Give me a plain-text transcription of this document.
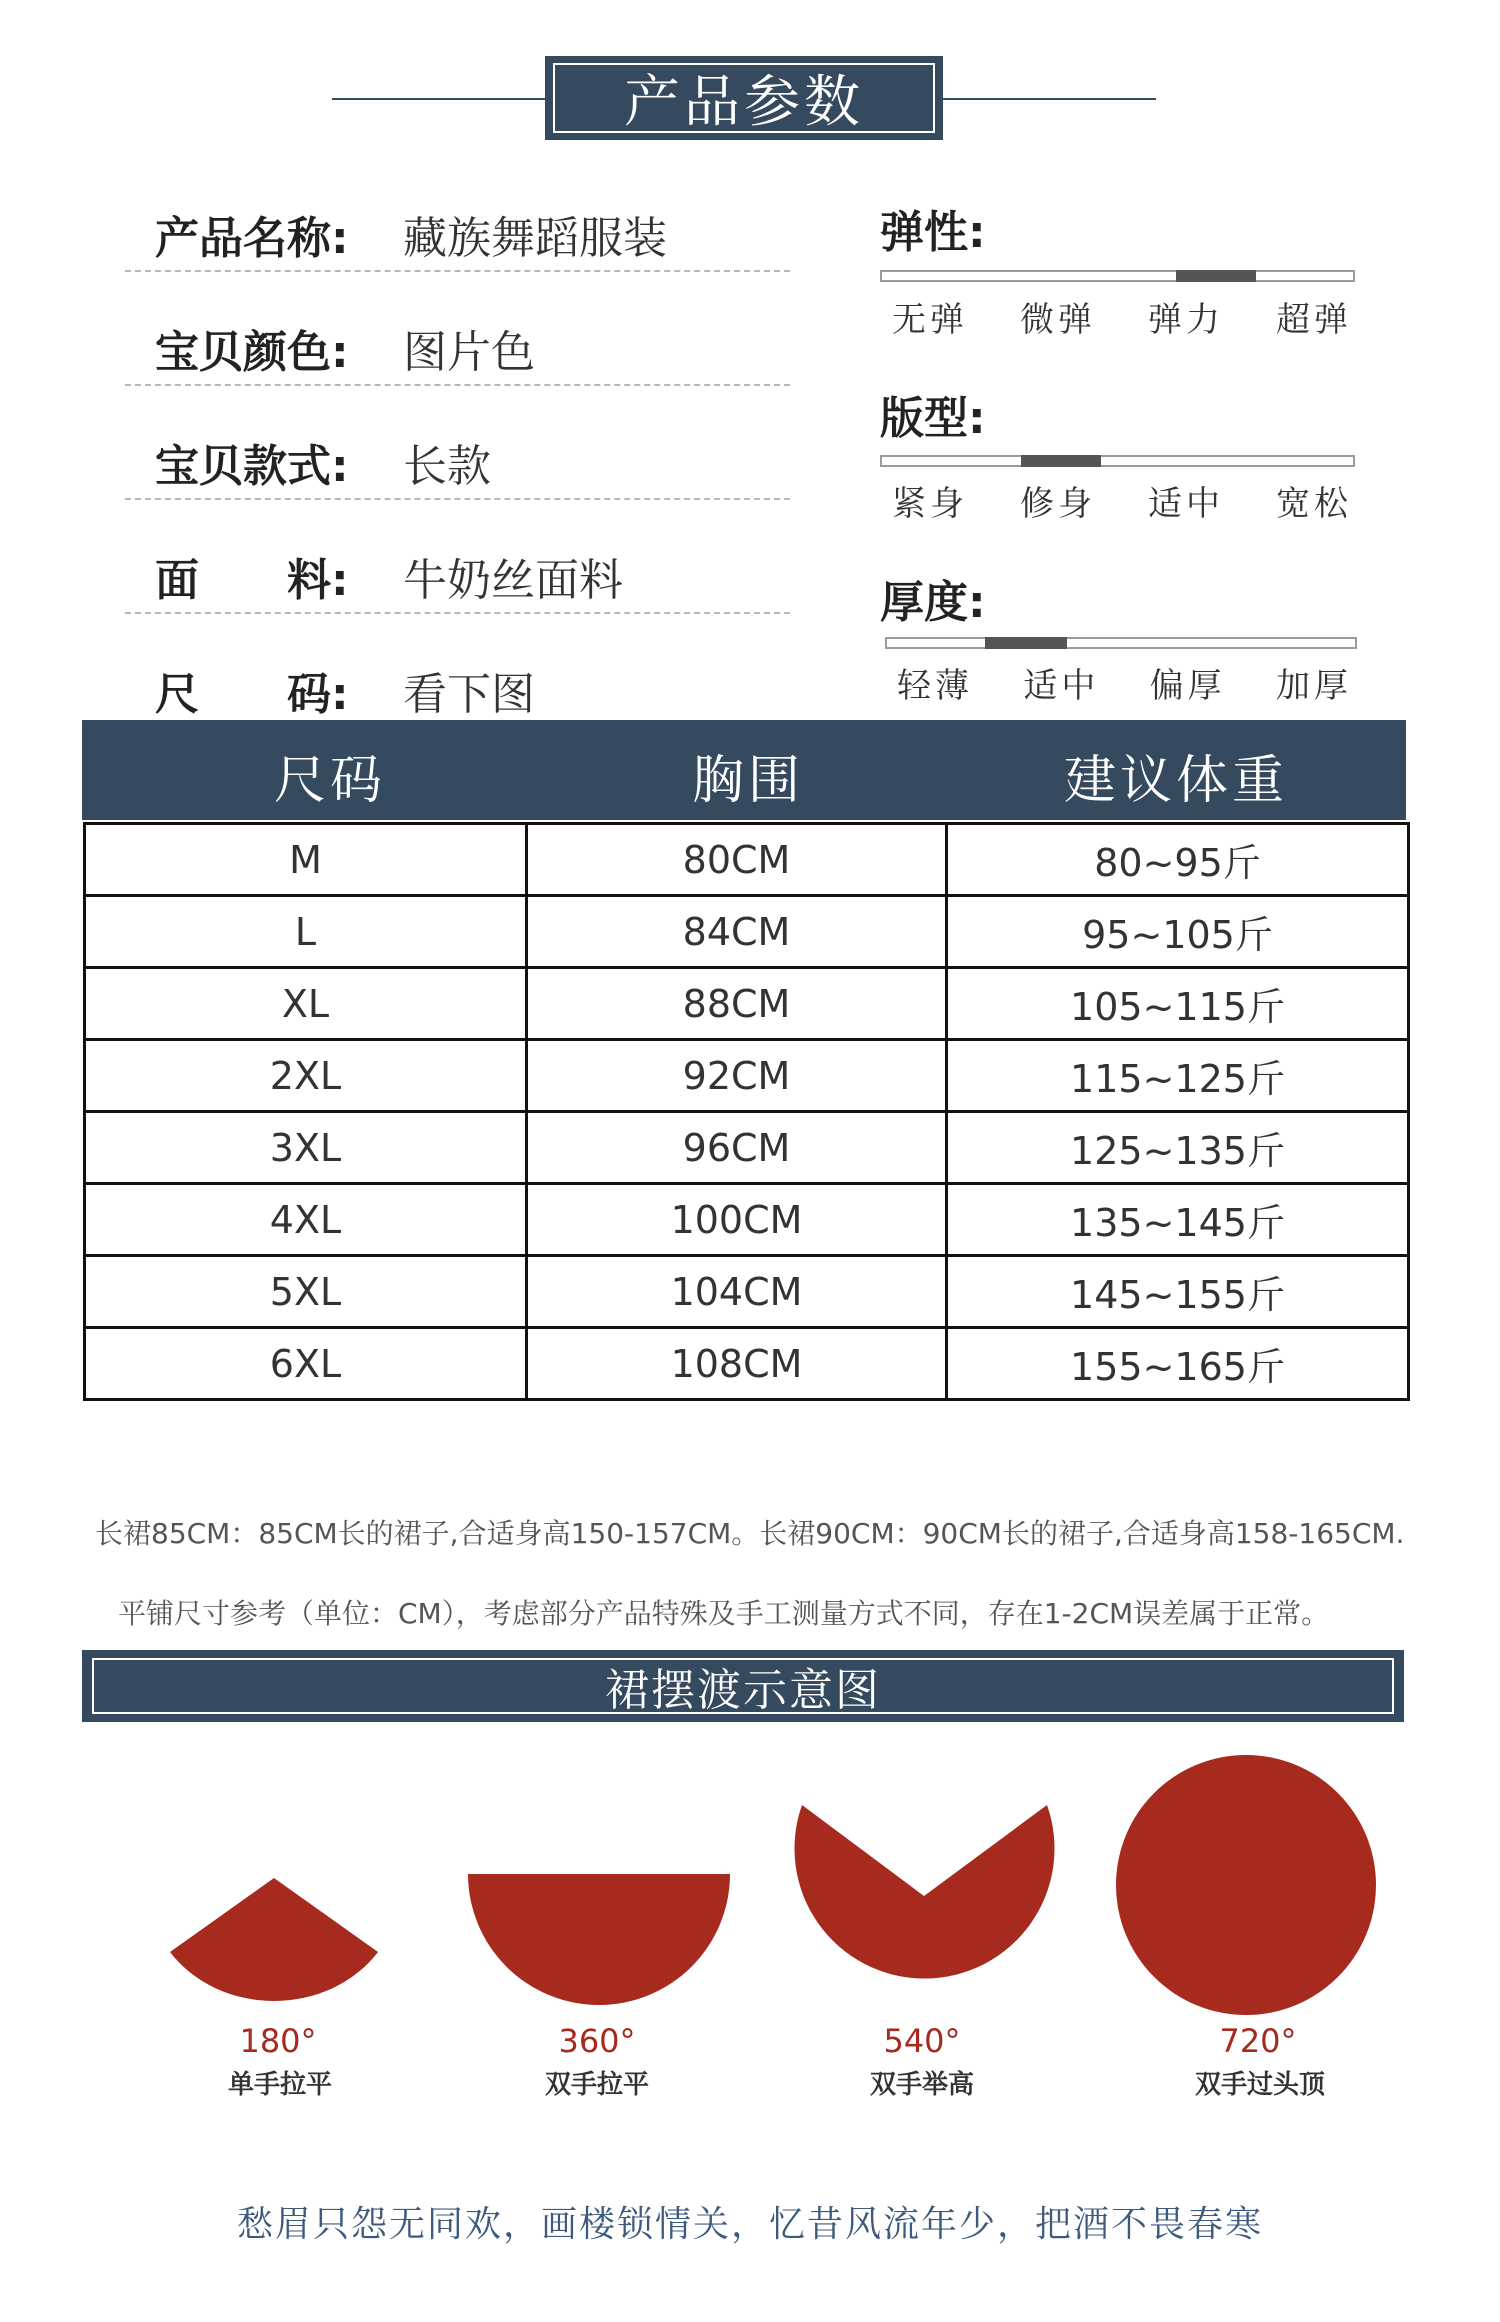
产品参数
产品名称: 藏族舞蹈服装
宝贝颜色: 图片色
宝贝款式: 长款
面　　料: 牛奶丝面料
尺　　码: 看下图
弹性:
无弹 微弹 弹力 超弹
版型:
紧身 修身 适中 宽松
厚度:
轻薄 适中 偏厚 加厚
尺码	胸围	建议体重
M	80CM	80~95斤
L	84CM	95~105斤
XL	88CM	105~115斤
2XL	92CM	115~125斤
3XL	96CM	125~135斤
4XL	100CM	135~145斤
5XL	104CM	145~155斤
6XL	108CM	155~165斤
长裙85CM：85CM长的裙子,合适身高150-157CM。长裙90CM：90CM长的裙子,合适身高158-165CM.
平铺尺寸参考（单位：CM），考虑部分产品特殊及手工测量方式不同，存在1-2CM误差属于正常。
裙摆渡示意图
180°
单手拉平
360°
双手拉平
540°
双手举高
720°
双手过头顶
愁眉只怨无同欢，画楼锁情关，忆昔风流年少，把酒不畏春寒
